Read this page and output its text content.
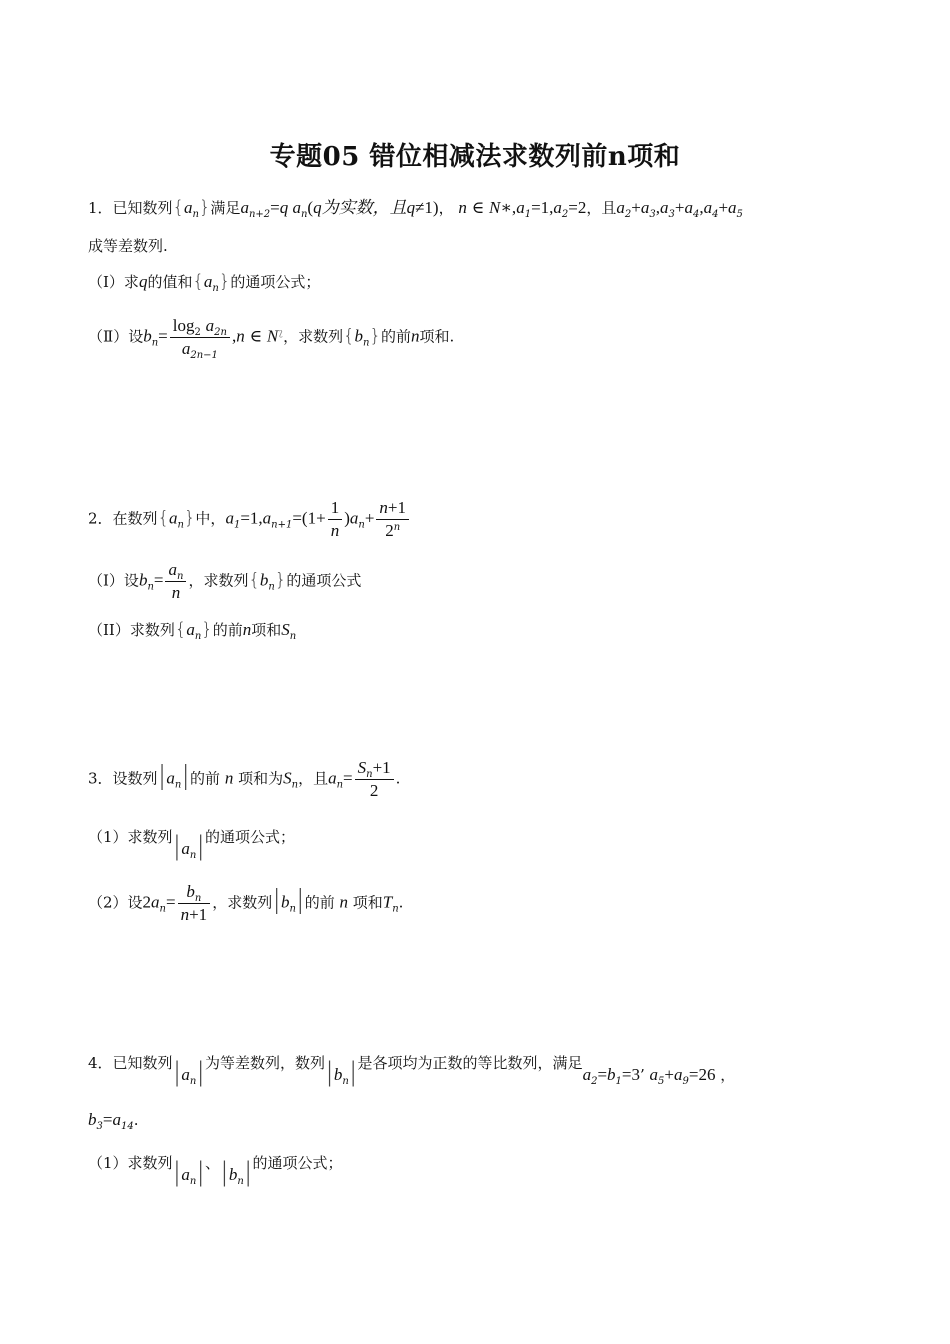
专题05 错位相减法求数列前n项和
1．已知数列$\{a_n\}$满足$a_{n+2}=q$ $a_n(q$为实数，且q≠1)， n ∈ $N∗,a_1=1,a_2=2$，且$a_2+a_3,a_3+a_4,a_4+a_5$
成等差数列.
（Ⅰ）求q的值和$\{a_n\}$的通项公式；
（Ⅱ）设$b_n= \frac{\log_2 a_{2n}}{a_{2n-1}} ,n$ ∈ $N^ʅ$，求数列$\{b_n\}$的前n项和.
2．在数列$\{a_n\}$中，$a_1=1,a_{n+1}=(1+ \frac{1}{n} )a_n+ \frac{n+1}{2^n}$
（I）设$b_n= \frac{a_n}{n}$ ，求数列$\{b_n\}$的通项公式
（II）求数列$\{a_n\}$的前n项和$S_n$
3．设数列$|a_n|$的前 n 项和为$S_n$，且$a_n= \frac{S_n+1}{2}$ .
（1）求数列$|a_n|$的通项公式；
（2）设$2a_n= \frac{b_n}{n+1}$ ，求数列$|b_n|$的前 n 项和$T_n$.
4．已知数列$|a_n|$为等差数列，数列$|b_n|$是各项均为正数的等比数列，满足$a_2=b_1=3$’ $a_5+a_9=26$ ，
$b_3=a_{14}$.
（1）求数列$|a_n|$、$|b_n|$的通项公式；
